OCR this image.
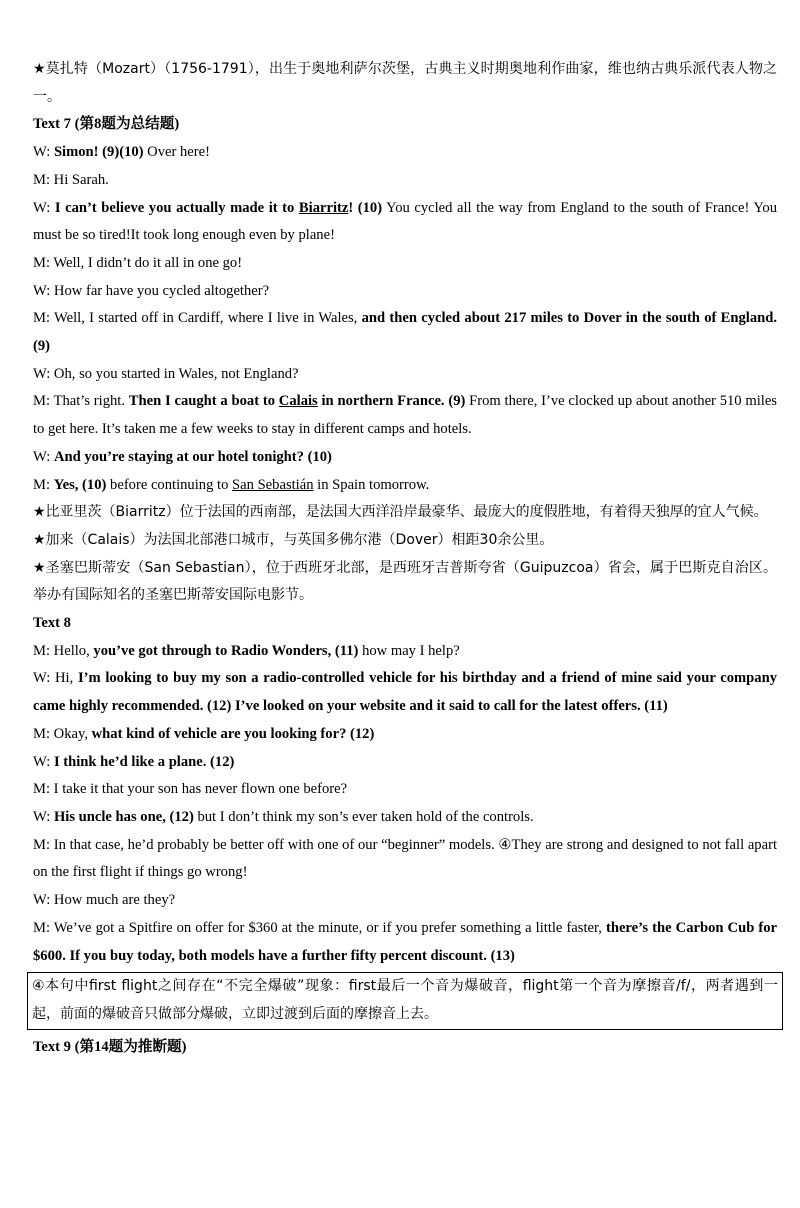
★莫扎特（Mozart）（1756-1791），出生于奥地利萨尔茨堡，古典主义时期奥地利作曲家，维也纳古典乐派代表人物之一。

Text 7 (第8题为总结题)

W: Simon! (9)(10) Over here!

M: Hi Sarah.

W: I can’t believe you actually made it to Biarritz! (10) You cycled all the way from England to the south of France! You must be so tired!It took long enough even by plane!

M: Well, I didn’t do it all in one go!

W: How far have you cycled altogether?

M: Well, I started off in Cardiff, where I live in Wales, and then cycled about 217 miles to Dover in the south of England. (9)

W: Oh, so you started in Wales, not England?

M: That’s right. Then I caught a boat to Calais in northern France. (9) From there, I’ve clocked up about another 510 miles to get here. It’s taken me a few weeks to stay in different camps and hotels.

W: And you’re staying at our hotel tonight? (10)

M: Yes, (10) before continuing to San Sebastián in Spain tomorrow.

★比亚里茨（Biarritz）位于法国的西南部，是法国大西洋沿岸最豪华、最庞大的度假胜地，有着得天独厚的宜人气候。

★加来（Calais）为法国北部港口城市，与英国多佛尔港（Dover）相距30余公里。

★圣塞巴斯蒂安（San Sebastian），位于西班牙北部，是西班牙吉普斯夸省（Guipuzcoa）省会，属于巴斯克自治区。举办有国际知名的圣塞巴斯蒂安国际电影节。

Text 8

M: Hello, you’ve got through to Radio Wonders, (11) how may I help?

W: Hi, I’m looking to buy my son a radio-controlled vehicle for his birthday and a friend of mine said your company came highly recommended. (12) I’ve looked on your website and it said to call for the latest offers. (11)

M: Okay, what kind of vehicle are you looking for? (12)

W: I think he’d like a plane. (12)

M: I take it that your son has never flown one before?

W: His uncle has one, (12) but I don’t think my son’s ever taken hold of the controls.

M: In that case, he’d probably be better off with one of our “beginner” models. ④They are strong and designed to not fall apart on the first flight if things go wrong!

W: How much are they?

M: We’ve got a Spitfire on offer for $360 at the minute, or if you prefer something a little faster, there’s the Carbon Cub for $600. If you buy today, both models have a further fifty percent discount. (13)

④本句中first flight之间存在“不完全爆破”现象：first最后一个音为爆破音，flight第一个音为摩擦音/f/，两者遇到一起，前面的爆破音只做部分爆破，立即过渡到后面的摩擦音上去。

Text 9 (第14题为推断题)
